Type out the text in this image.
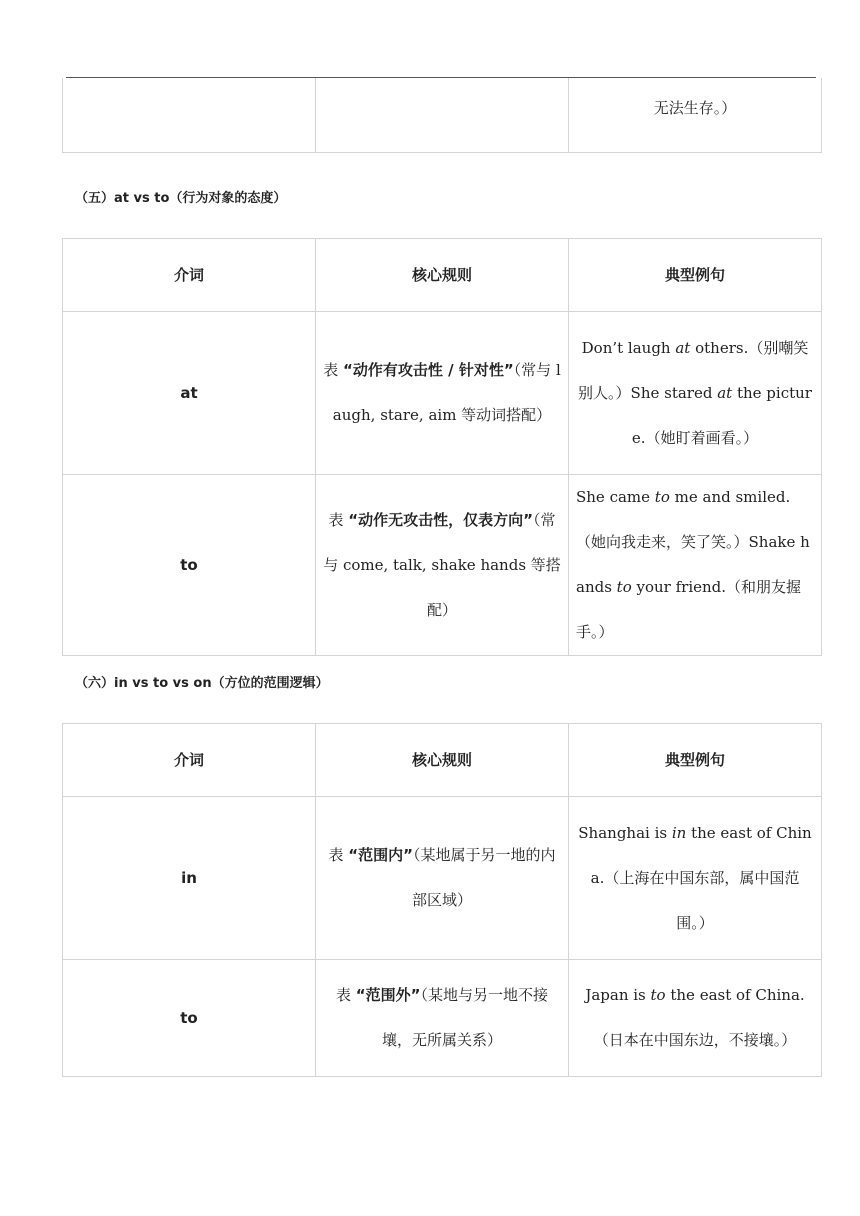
		无法生存。）
（五）at vs to（行为对象的态度）
介词	核心规则	典型例句
at	表 “动作有攻击性 / 针对性”（常与 laugh, stare, aim 等动词搭配）	Don’t laugh at others.（别嘲笑别人。）She stared at the picture.（她盯着画看。）
to	表 “动作无攻击性，仅表方向”（常与 come, talk, shake hands 等搭配）	She came to me and smiled.（她向我走来，笑了笑。）Shake hands to your friend.（和朋友握手。）
（六）in vs to vs on（方位的范围逻辑）
介词	核心规则	典型例句
in	表 “范围内”（某地属于另一地的内部区域）	Shanghai is in the east of China.（上海在中国东部，属中国范围。）
to	表 “范围外”（某地与另一地不接壤，无所属关系）	Japan is to the east of China.（日本在中国东边，不接壤。）
